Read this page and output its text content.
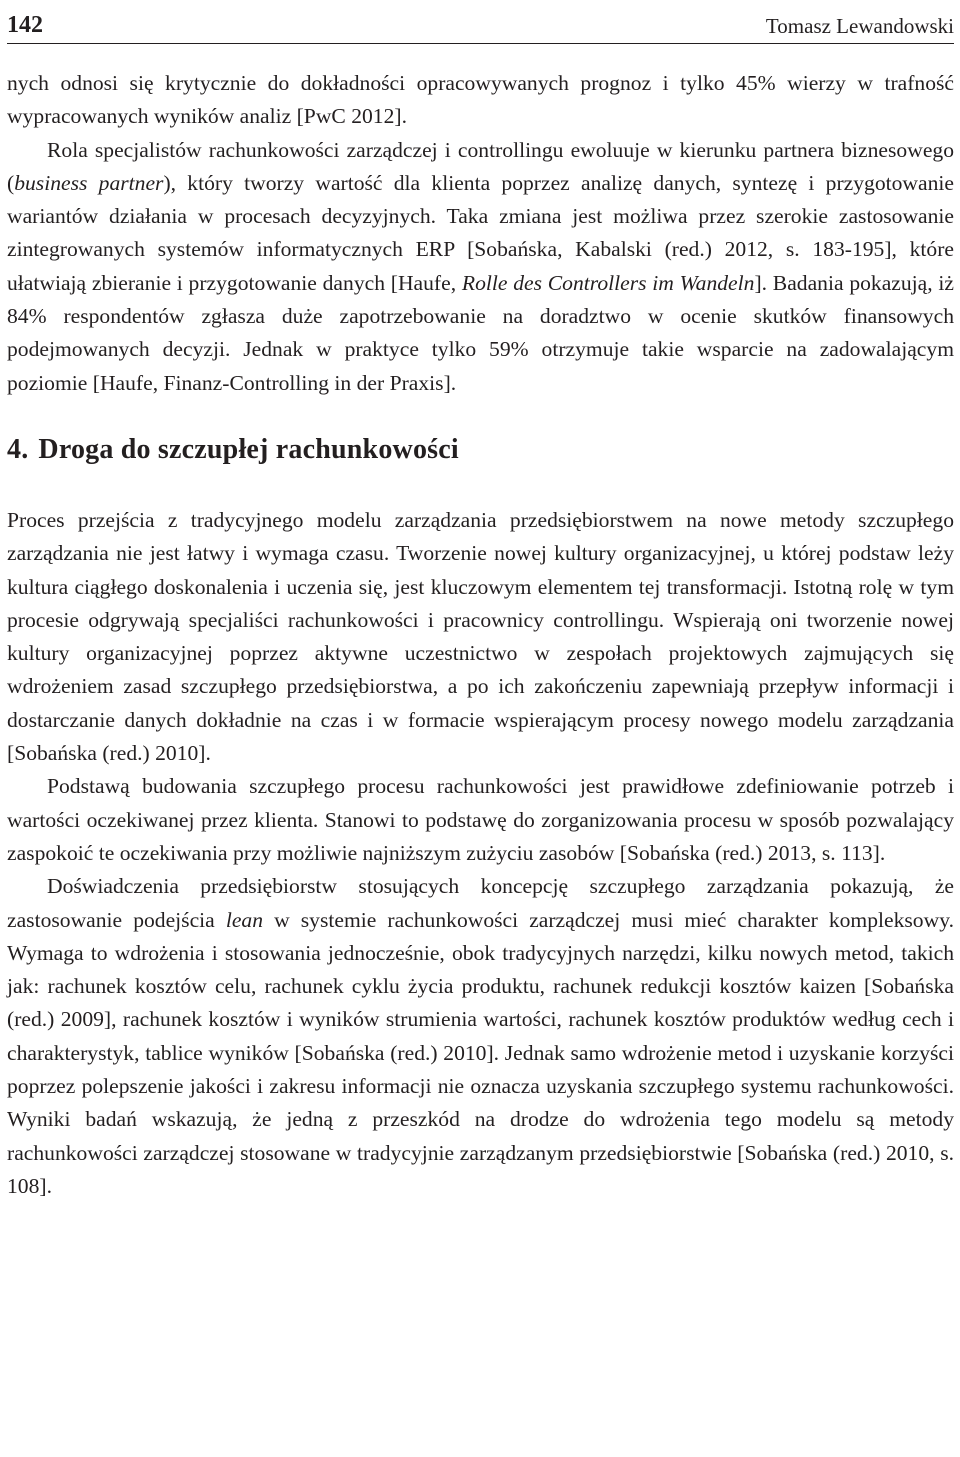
142	Tomasz Lewandowski

nych odnosi się krytycznie do dokładności opracowywanych prognoz i tylko 45% wierzy w trafność wypracowanych wyników analiz [PwC 2012].

Rola specjalistów rachunkowości zarządczej i controllingu ewoluuje w kierunku partnera biznesowego (business partner), który tworzy wartość dla klienta poprzez analizę danych, syntezę i przygotowanie wariantów działania w procesach decyzyjnych. Taka zmiana jest możliwa przez szerokie zastosowanie zintegrowanych systemów informatycznych ERP [Sobańska, Kabalski (red.) 2012, s. 183-195], które ułatwiają zbieranie i przygotowanie danych [Haufe, Rolle des Controllers im Wandeln]. Badania pokazują, iż 84% respondentów zgłasza duże zapotrzebowanie na doradztwo w ocenie skutków finansowych podejmowanych decyzji. Jednak w praktyce tylko 59% otrzymuje takie wsparcie na zadowalającym poziomie [Haufe, Finanz-Controlling in der Praxis].

4. Droga do szczupłej rachunkowości

Proces przejścia z tradycyjnego modelu zarządzania przedsiębiorstwem na nowe metody szczupłego zarządzania nie jest łatwy i wymaga czasu. Tworzenie nowej kultury organizacyjnej, u której podstaw leży kultura ciągłego doskonalenia i uczenia się, jest kluczowym elementem tej transformacji. Istotną rolę w tym procesie odgrywają specjaliści rachunkowości i pracownicy controllingu. Wspierają oni tworzenie nowej kultury organizacyjnej poprzez aktywne uczestnictwo w zespołach projektowych zajmujących się wdrożeniem zasad szczupłego przedsiębiorstwa, a po ich zakończeniu zapewniają przepływ informacji i dostarczanie danych dokładnie na czas i w formacie wspierającym procesy nowego modelu zarządzania [Sobańska (red.) 2010].

Podstawą budowania szczupłego procesu rachunkowości jest prawidłowe zdefiniowanie potrzeb i wartości oczekiwanej przez klienta. Stanowi to podstawę do zorganizowania procesu w sposób pozwalający zaspokoić te oczekiwania przy możliwie najniższym zużyciu zasobów [Sobańska (red.) 2013, s. 113].

Doświadczenia przedsiębiorstw stosujących koncepcję szczupłego zarządzania pokazują, że zastosowanie podejścia lean w systemie rachunkowości zarządczej musi mieć charakter kompleksowy. Wymaga to wdrożenia i stosowania jednocześnie, obok tradycyjnych narzędzi, kilku nowych metod, takich jak: rachunek kosztów celu, rachunek cyklu życia produktu, rachunek redukcji kosztów kaizen [Sobańska (red.) 2009], rachunek kosztów i wyników strumienia wartości, rachunek kosztów produktów według cech i charakterystyk, tablice wyników [Sobańska (red.) 2010]. Jednak samo wdrożenie metod i uzyskanie korzyści poprzez polepszenie jakości i zakresu informacji nie oznacza uzyskania szczupłego systemu rachunkowości. Wyniki badań wskazują, że jedną z przeszkód na drodze do wdrożenia tego modelu są metody rachunkowości zarządczej stosowane w tradycyjnie zarządzanym przedsiębiorstwie [Sobańska (red.) 2010, s. 108].
